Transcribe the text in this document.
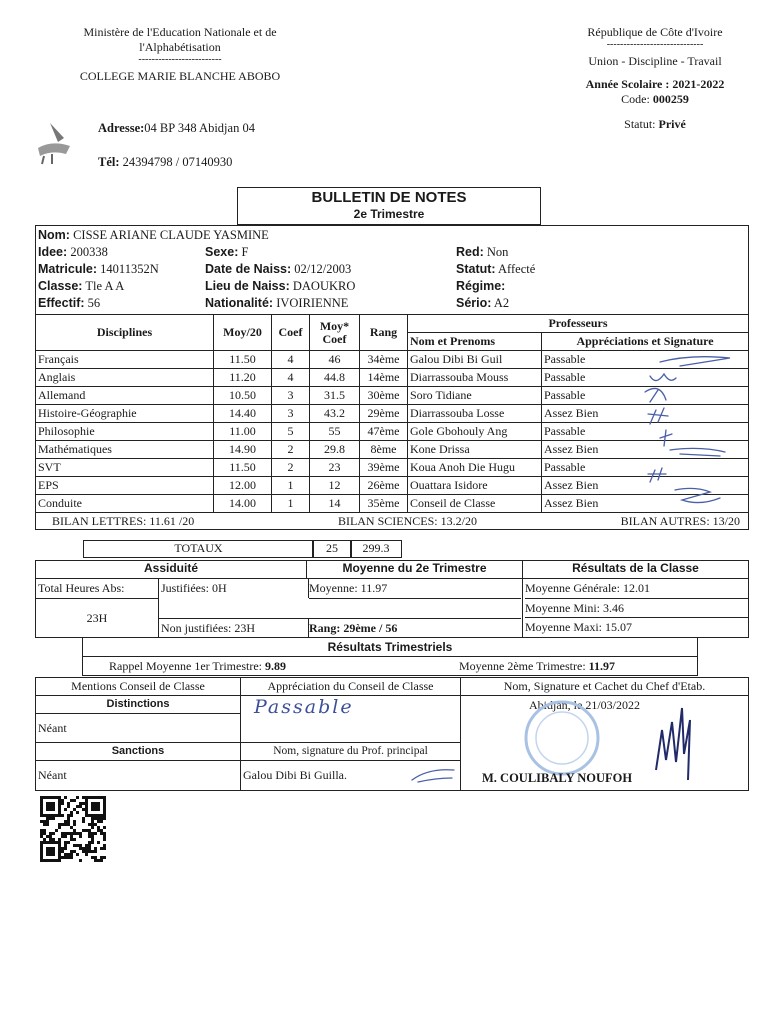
Ministère de l'Education Nationale et de
l'Alphabétisation
-------------------------
COLLEGE MARIE BLANCHE ABOBO
République de Côte d'Ivoire
-----------------------------
Union - Discipline - Travail
Année Scolaire : 2021-2022
Code: 000259
Statut: Privé
Adresse:04 BP 348 Abidjan 04
Tél: 24394798 / 07140930
BULLETIN DE NOTES
2e Trimestre
Nom: CISSE ARIANE CLAUDE YASMINE
Idee: 200338
Matricule: 14011352N
Classe: Tle A A
Effectif: 56
Sexe: F
Date de Naiss: 02/12/2003
Lieu de Naiss: DAOUKRO
Nationalité: IVOIRIENNE
Red: Non
Statut: Affecté
Régime:
Sério: A2
Disciplines	Moy/20	Coef	Moy* Coef	Rang	Professeurs	
					Nom et Prenoms	Appréciations et Signature
Français	11.50	4	46	34ème	Galou Dibi Bi Guil	Passable
Anglais	11.20	4	44.8	14ème	Diarrassouba Mouss	Passable
Allemand	10.50	3	31.5	30ème	Soro Tidiane	Passable
Histoire-Géographie	14.40	3	43.2	29ème	Diarrassouba Losse	Assez Bien
Philosophie	11.00	5	55	47ème	Gole Gbohouly Ang	Passable
Mathématiques	14.90	2	29.8	8ème	Kone Drissa	Assez Bien
SVT	11.50	2	23	39ème	Koua Anoh Die Hugu	Passable
EPS	12.00	1	12	26ème	Ouattara Isidore	Assez Bien
Conduite	14.00	1	14	35ème	Conseil de Classe	Assez Bien

BILAN LETTRES: 11.61 /20 BILAN SCIENCES: 13.2/20 BILAN AUTRES: 13/20						
TOTAUX	25	299.3
Assiduité	Moyenne du 2e Trimestre	Résultats de la Classe
Total Heures Abs:
23H
Justifiées: 0H
Non justifiées: 23H
Moyenne: 11.97
Rang: 29ème / 56
Moyenne Générale: 12.01
Moyenne Mini: 3.46
Moyenne Maxi: 15.07
Résultats Trimestriels
Rappel Moyenne 1er Trimestre: 9.89	Moyenne 2ème Trimestre: 11.97
Mentions Conseil de Classe	Appréciation du Conseil de Classe	Nom, Signature et Cachet du Chef d'Etab.
Distinctions
Néant
Sanctions
Néant
Passable
Nom, signature du Prof. principal
Galou Dibi Bi Guilla.
Abidjan, le 21/03/2022
M. COULIBALY NOUFOH
